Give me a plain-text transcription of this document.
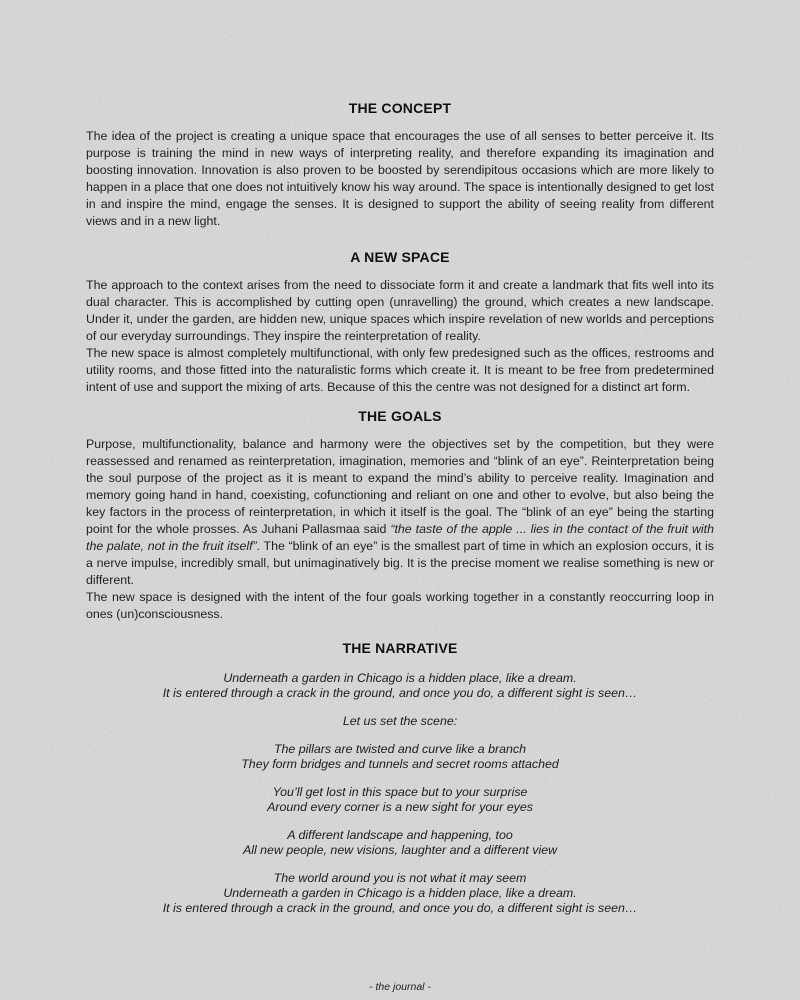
THE CONCEPT

The idea of the project is creating a unique space that encourages the use of all senses to better perceive it. Its purpose is training the mind in new ways of interpreting reality, and therefore expanding its imagination and boosting innovation. Innovation is also proven to be boosted by serendipitous occasions which are more likely to happen in a place that one does not intuitively know his way around. The space is intentionally designed to get lost in and inspire the mind, engage the senses. It is designed to support the ability of seeing reality from different views and in a new light.

A NEW SPACE

The approach to the context arises from the need to dissociate form it and create a landmark that fits well into its dual character. This is accomplished by cutting open (unravelling) the ground, which creates a new landscape. Under it, under the garden, are hidden new, unique spaces which inspire revelation of new worlds and perceptions of our everyday surroundings. They inspire the reinterpretation of reality.

The new space is almost completely multifunctional, with only few predesigned such as the offices, restrooms and utility rooms, and those fitted into the naturalistic forms which create it. It is meant to be free from predetermined intent of use and support the mixing of arts. Because of this the centre was not designed for a distinct art form.

THE GOALS

Purpose, multifunctionality, balance and harmony were the objectives set by the competition, but they were reassessed and renamed as reinterpretation, imagination, memories and “blink of an eye”. Reinterpretation being the soul purpose of the project as it is meant to expand the mind’s ability to perceive reality. Imagination and memory going hand in hand, coexisting, cofunctioning and reliant on one and other to evolve, but also being the key factors in the process of reinterpretation, in which it itself is the goal. The “blink of an eye” being the starting point for the whole prosses. As Juhani Pallasmaa said “the taste of the apple ... lies in the contact of the fruit with the palate, not in the fruit itself”. The “blink of an eye” is the smallest part of time in which an explosion occurs, it is a nerve impulse, incredibly small, but unimaginatively big. It is the precise moment we realise something is new or different.

The new space is designed with the intent of the four goals working together in a constantly reoccurring loop in ones (un)consciousness.

THE NARRATIVE
Underneath a garden in Chicago is a hidden place, like a dream.
It is entered through a crack in the ground, and once you do, a different sight is seen…
Let us set the scene:
The pillars are twisted and curve like a branch
They form bridges and tunnels and secret rooms attached
You’ll get lost in this space but to your surprise
Around every corner is a new sight for your eyes
A different landscape and happening, too
All new people, new visions, laughter and a different view
The world around you is not what it may seem
Underneath a garden in Chicago is a hidden place, like a dream.
It is entered through a crack in the ground, and once you do, a different sight is seen…
- the journal -
